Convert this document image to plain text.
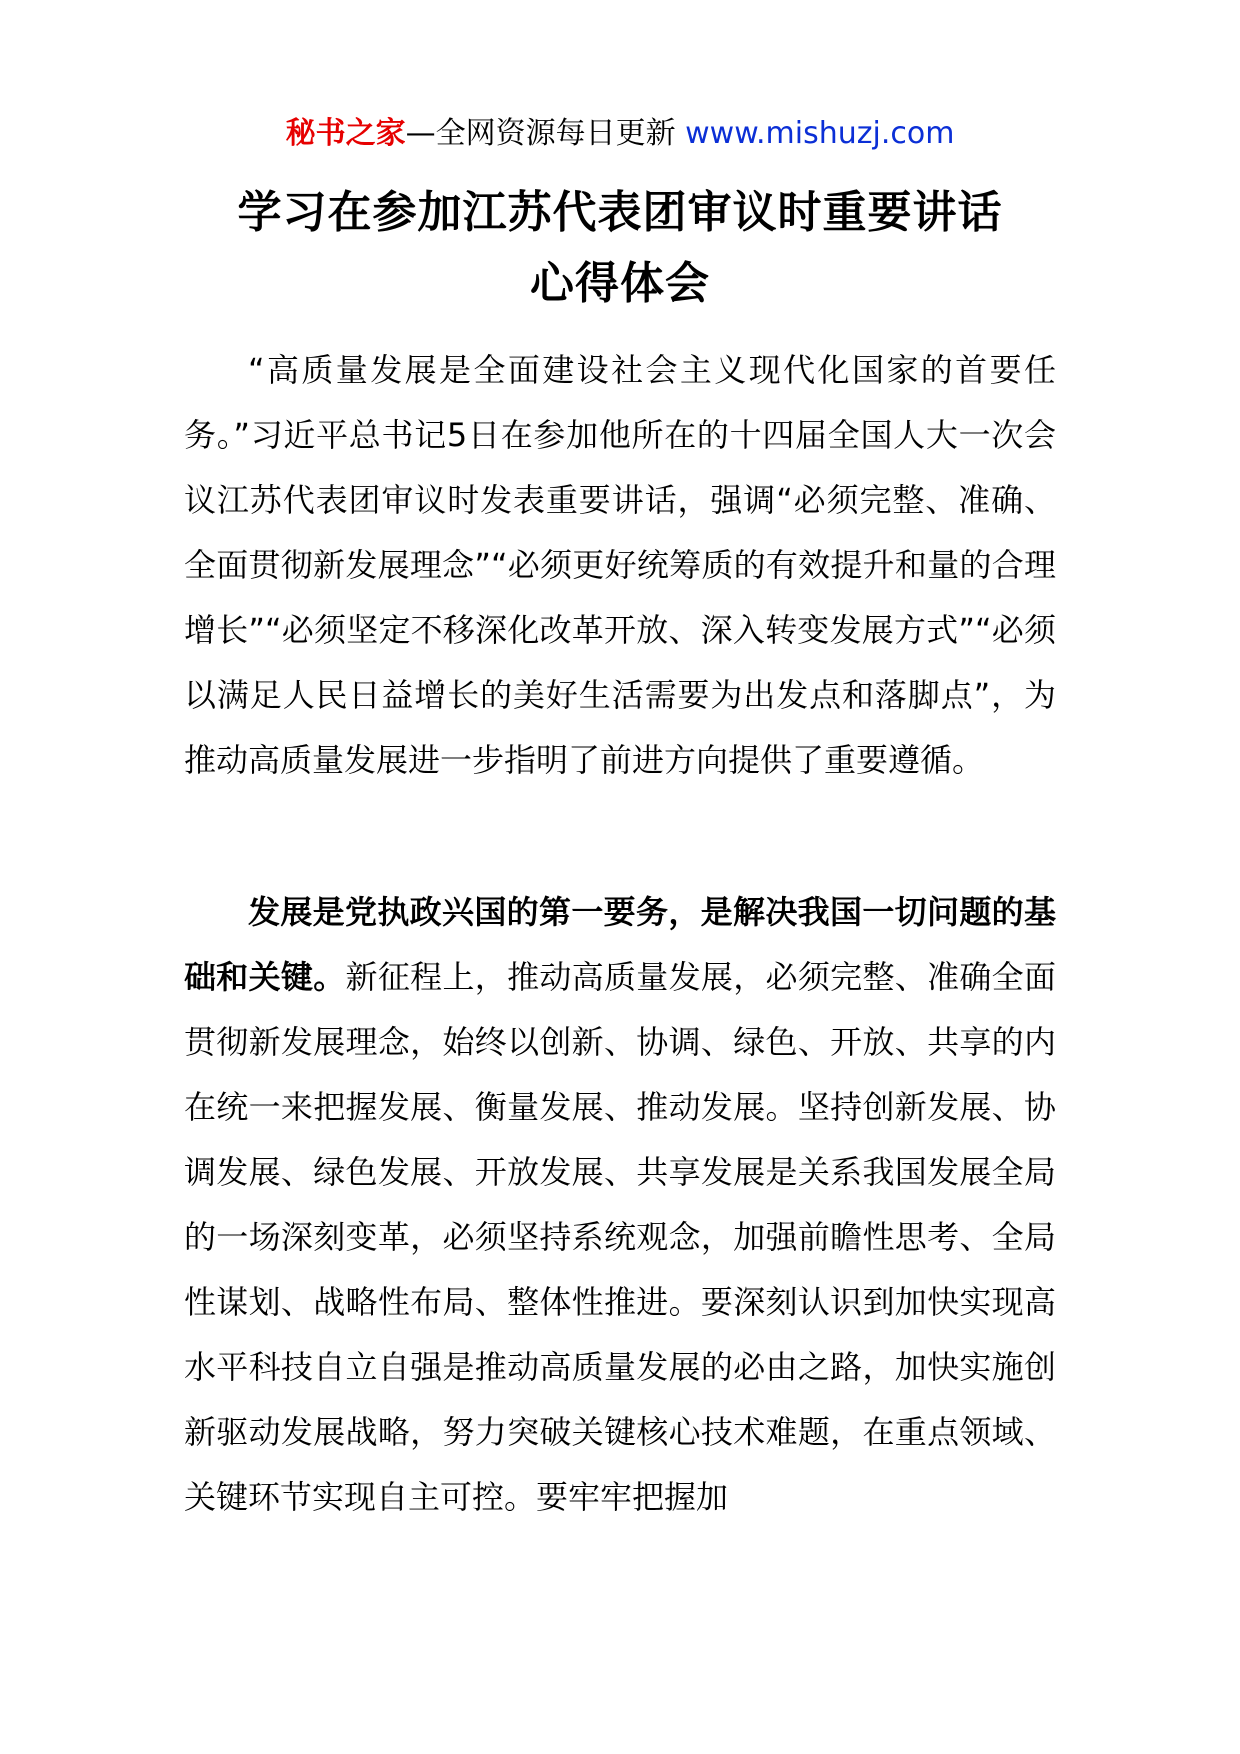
秘书之家—全网资源每日更新 www.mishuzj.com
学习在参加江苏代表团审议时重要讲话
心得体会
“高质量发展是全面建设社会主义现代化国家的首要任务。”习近平总书记5日在参加他所在的十四届全国人大一次会议江苏代表团审议时发表重要讲话，强调“必须完整、准确、全面贯彻新发展理念”“必须更好统筹质的有效提升和量的合理增长”“必须坚定不移深化改革开放、深入转变发展方式”“必须以满足人民日益增长的美好生活需要为出发点和落脚点”，为推动高质量发展进一步指明了前进方向提供了重要遵循。
发展是党执政兴国的第一要务，是解决我国一切问题的基础和关键。新征程上，推动高质量发展，必须完整、准确全面贯彻新发展理念，始终以创新、协调、绿色、开放、共享的内在统一来把握发展、衡量发展、推动发展。坚持创新发展、协调发展、绿色发展、开放发展、共享发展是关系我国发展全局的一场深刻变革，必须坚持系统观念，加强前瞻性思考、全局性谋划、战略性布局、整体性推进。要深刻认识到加快实现高水平科技自立自强是推动高质量发展的必由之路，加快实施创新驱动发展战略，努力突破关键核心技术难题，在重点领域、关键环节实现自主可控。要牢牢把握加
